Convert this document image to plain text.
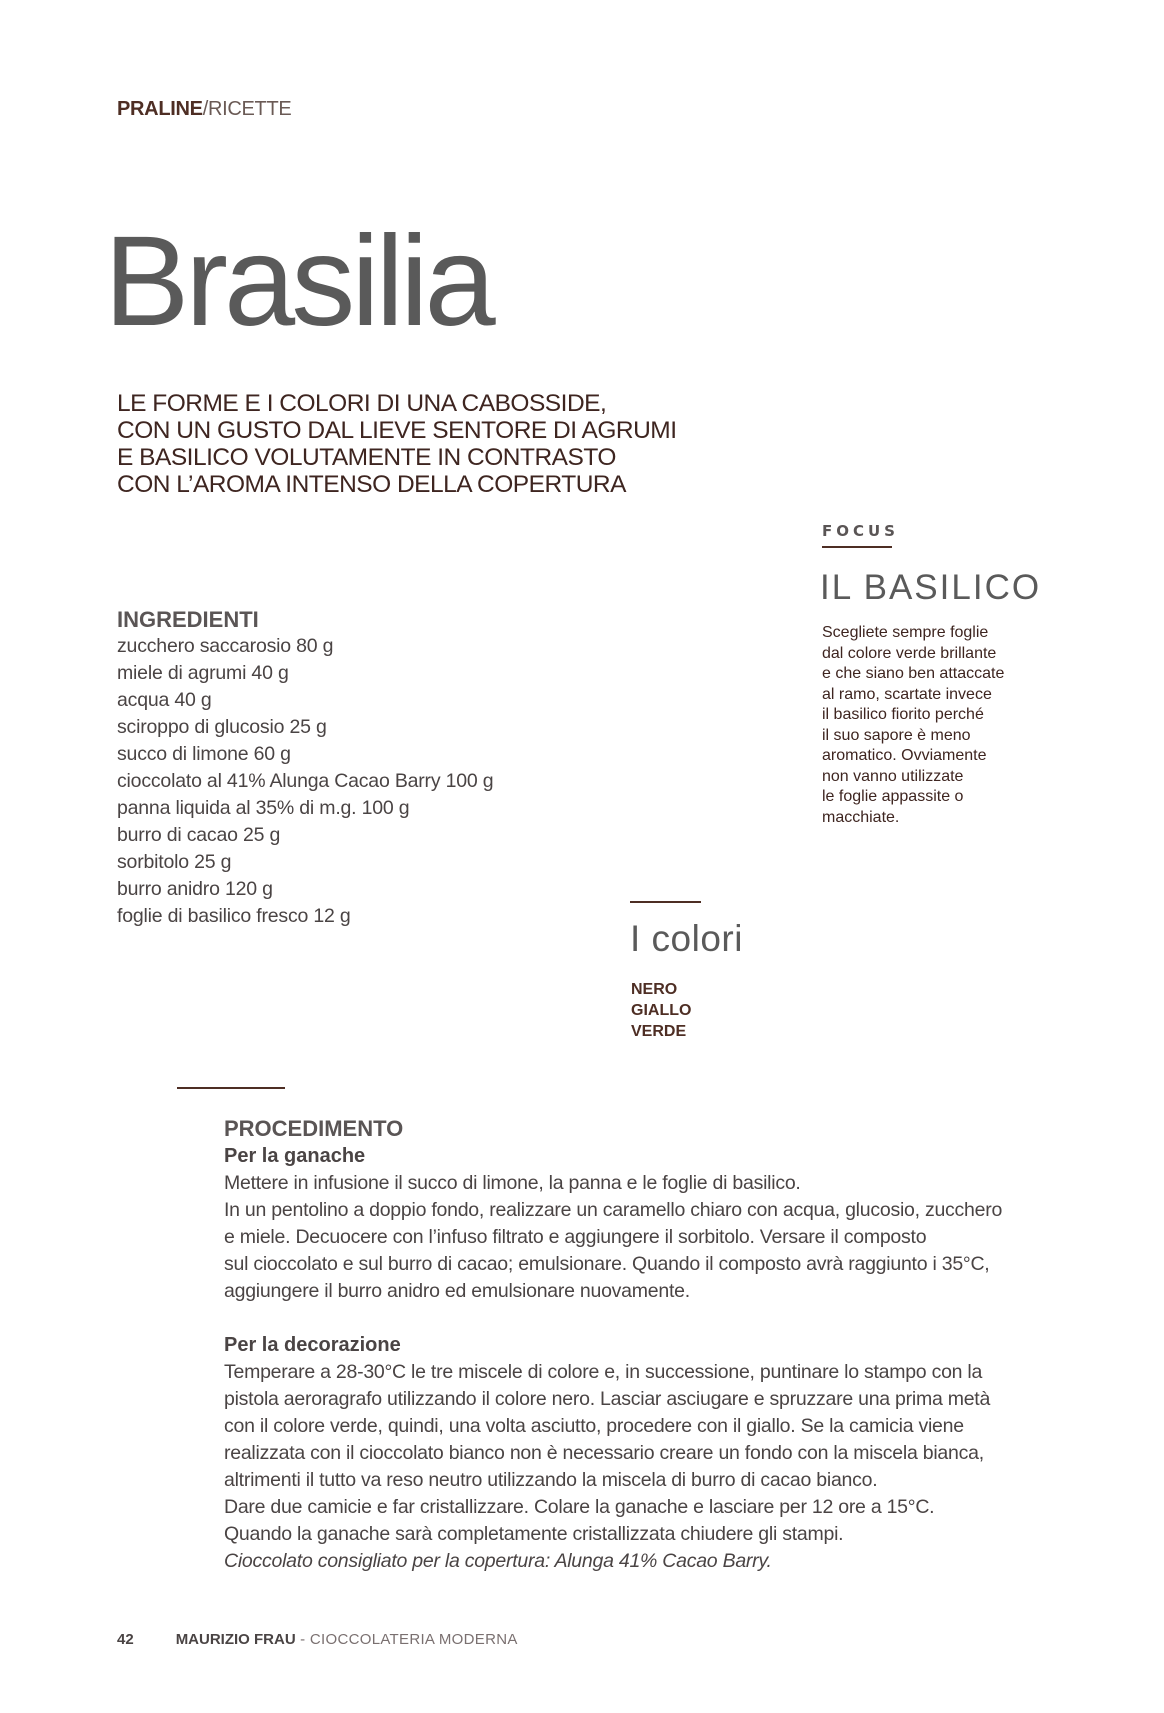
PRALINE/RICETTE
Brasilia
LE FORME E I COLORI DI UNA CABOSSIDE,
CON UN GUSTO DAL LIEVE SENTORE DI AGRUMI
E BASILICO VOLUTAMENTE IN CONTRASTO
CON L’AROMA INTENSO DELLA COPERTURA
INGREDIENTI
zucchero saccarosio 80 g
miele di agrumi 40 g
acqua 40 g
sciroppo di glucosio 25 g
succo di limone 60 g
cioccolato al 41% Alunga Cacao Barry 100 g
panna liquida al 35% di m.g. 100 g
burro di cacao 25 g
sorbitolo 25 g
burro anidro 120 g
foglie di basilico fresco 12 g
FOCUS
IL BASILICO
Scegliete sempre foglie
dal colore verde brillante
e che siano ben attaccate
al ramo, scartate invece
il basilico fiorito perché
il suo sapore è meno
aromatico. Ovviamente
non vanno utilizzate
le foglie appassite o
macchiate.
I colori
NERO
GIALLO
VERDE
PROCEDIMENTO
Per la ganache
Mettere in infusione il succo di limone, la panna e le foglie di basilico.
In un pentolino a doppio fondo, realizzare un caramello chiaro con acqua, glucosio, zucchero
e miele. Decuocere con l’infuso filtrato e aggiungere il sorbitolo. Versare il composto
sul cioccolato e sul burro di cacao; emulsionare. Quando il composto avrà raggiunto i 35°C,
aggiungere il burro anidro ed emulsionare nuovamente.
Per la decorazione
Temperare a 28-30°C le tre miscele di colore e, in successione, puntinare lo stampo con la
pistola aeroragrafo utilizzando il colore nero. Lasciar asciugare e spruzzare una prima metà
con il colore verde, quindi, una volta asciutto, procedere con il giallo. Se la camicia viene
realizzata con il cioccolato bianco non è necessario creare un fondo con la miscela bianca,
altrimenti il tutto va reso neutro utilizzando la miscela di burro di cacao bianco.
Dare due camicie e far cristallizzare. Colare la ganache e lasciare per 12 ore a 15°C.
Quando la ganache sarà completamente cristallizzata chiudere gli stampi.
Cioccolato consigliato per la copertura: Alunga 41% Cacao Barry.
42	MAURIZIO FRAU - CIOCCOLATERIA MODERNA
